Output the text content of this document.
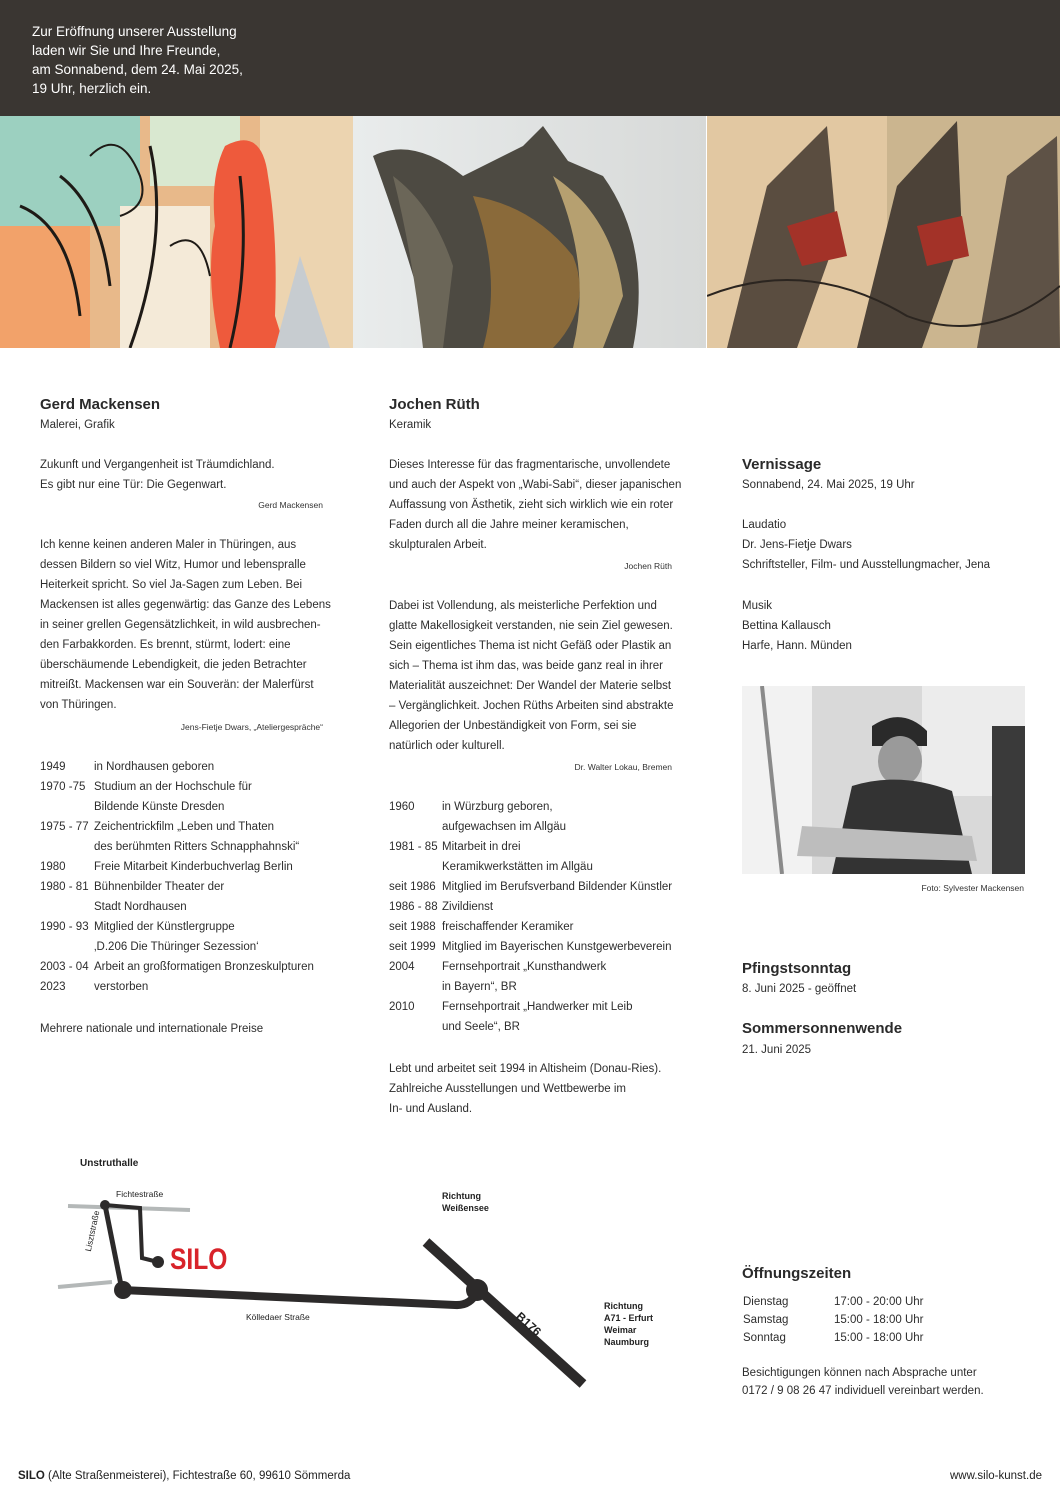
Zur Eröffnung unserer Ausstellung
laden wir Sie und Ihre Freunde,
am Sonnabend, dem 24. Mai 2025,
19 Uhr, herzlich ein.
Gerd Mackensen
Malerei, Grafik
Zukunft und Vergangenheit ist Träumdichland.
Es gibt nur eine Tür: Die Gegenwart.
Gerd Mackensen
Ich kenne keinen anderen Maler in Thüringen, aus
dessen Bildern so viel Witz, Humor und lebenspralle
Heiterkeit spricht. So viel Ja-Sagen zum Leben. Bei
Mackensen ist alles gegenwärtig: das Ganze des Lebens
in seiner grellen Gegensätzlichkeit, in wild ausbrechen-
den Farbakkorden. Es brennt, stürmt, lodert: eine
überschäumende Lebendigkeit, die jeden Betrachter
mitreißt. Mackensen war ein Souverän: der Malerfürst
von Thüringen.
Jens-Fietje Dwars, „Ateliergespräche“
1949 in Nordhausen geboren
1970 -75 Studium an der Hochschule für
Bildende Künste Dresden
1975 - 77 Zeichentrickfilm „Leben und Thaten
des berühmten Ritters Schnapphahnski“
1980 Freie Mitarbeit Kinderbuchverlag Berlin
1980 - 81 Bühnenbilder Theater der
Stadt Nordhausen
1990 - 93 Mitglied der Künstlergruppe
‚D.206 Die Thüringer Sezession‘
2003 - 04 Arbeit an großformatigen Bronzeskulpturen
2023 verstorben
Mehrere nationale und internationale Preise
Jochen Rüth
Keramik
Dieses Interesse für das fragmentarische, unvollendete
und auch der Aspekt von „Wabi-Sabi“, dieser japanischen
Auffassung von Ästhetik, zieht sich wirklich wie ein roter
Faden durch all die Jahre meiner keramischen,
skulpturalen Arbeit.
Jochen Rüth
Dabei ist Vollendung, als meisterliche Perfektion und
glatte Makellosigkeit verstanden, nie sein Ziel gewesen.
Sein eigentliches Thema ist nicht Gefäß oder Plastik an
sich – Thema ist ihm das, was beide ganz real in ihrer
Materialität auszeichnet: Der Wandel der Materie selbst
– Vergänglichkeit. Jochen Rüths Arbeiten sind abstrakte
Allegorien der Unbeständigkeit von Form, sei sie
natürlich oder kulturell.
Dr. Walter Lokau, Bremen
1960 in Würzburg geboren,
aufgewachsen im Allgäu
1981 - 85 Mitarbeit in drei
Keramikwerkstätten im Allgäu
seit 1986 Mitglied im Berufsverband Bildender Künstler
1986 - 88 Zivildienst
seit 1988 freischaffender Keramiker
seit 1999 Mitglied im Bayerischen Kunstgewerbeverein
2004 Fernsehportrait „Kunsthandwerk
in Bayern“, BR
2010 Fernsehportrait „Handwerker mit Leib
und Seele“, BR
Lebt und arbeitet seit 1994 in Altisheim (Donau-Ries).
Zahlreiche Ausstellungen und Wettbewerbe im
In- und Ausland.
Vernissage
Sonnabend, 24. Mai 2025, 19 Uhr
Laudatio
Dr. Jens-Fietje Dwars
Schriftsteller, Film- und Ausstellungmacher, Jena
Musik
Bettina Kallausch
Harfe, Hann. Münden
Foto: Sylvester Mackensen
Pfingstsonntag
8. Juni 2025 - geöffnet
Sommersonnenwende
21. Juni 2025
Unstruthalle
Fichtestraße
Lisztstraße
SILO
Kölledaer Straße
Richtung
Weißensee
B176
Richtung
A71 - Erfurt
Weimar
Naumburg
Öffnungszeiten
Dienstag	17:00 - 20:00 Uhr
Samstag	15:00 - 18:00 Uhr
Sonntag	15:00 - 18:00 Uhr
Besichtigungen können nach Absprache unter
0172 / 9 08 26 47 individuell vereinbart werden.
SILO (Alte Straßenmeisterei), Fichtestraße 60, 99610 Sömmerda	www.silo-kunst.de
